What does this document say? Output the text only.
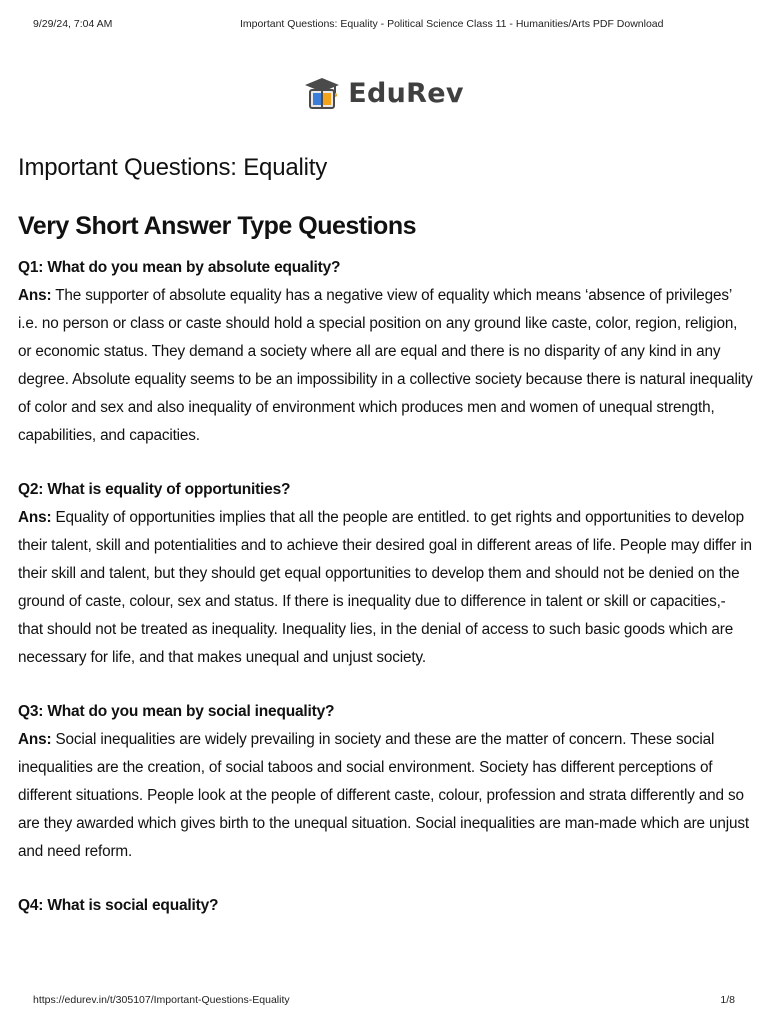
9/29/24, 7:04 AM	Important Questions: Equality - Political Science Class 11 - Humanities/Arts PDF Download
EduRev
Important Questions: Equality
Very Short Answer Type Questions

Q1: What do you mean by absolute equality?

Ans: The supporter of absolute equality has a negative view of equality which means ‘absence of privileges’ i.e. no person or class or caste should hold a special position on any ground like caste, color, region, religion, or economic status. They demand a society where all are equal and there is no disparity of any kind in any degree. Absolute equality seems to be an impossibility in a collective society because there is natural inequality of color and sex and also inequality of environment which produces men and women of unequal strength, capabilities, and capacities.

Q2: What is equality of opportunities?

Ans: Equality of opportunities implies that all the people are entitled. to get rights and opportunities to develop their talent, skill and potentialities and to achieve their desired goal in different areas of life. People may differ in their skill and talent, but they should get equal opportunities to develop them and should not be denied on the ground of caste, colour, sex and status. If there is inequality due to difference in talent or skill or capacities,- that should not be treated as inequality. Inequality lies, in the denial of access to such basic goods which are necessary for life, and that makes unequal and unjust society.

Q3: What do you mean by social inequality?

Ans: Social inequalities are widely prevailing in society and these are the matter of concern. These social inequalities are the creation, of social taboos and social environment. Society has different perceptions of different situations. People look at the people of different caste, colour, profession and strata differently and so are they awarded which gives birth to the unequal situation. Social inequalities are man-made which are unjust and need reform.

Q4: What is social equality?

https://edurev.in/t/305107/Important-Questions-Equality	1/8
